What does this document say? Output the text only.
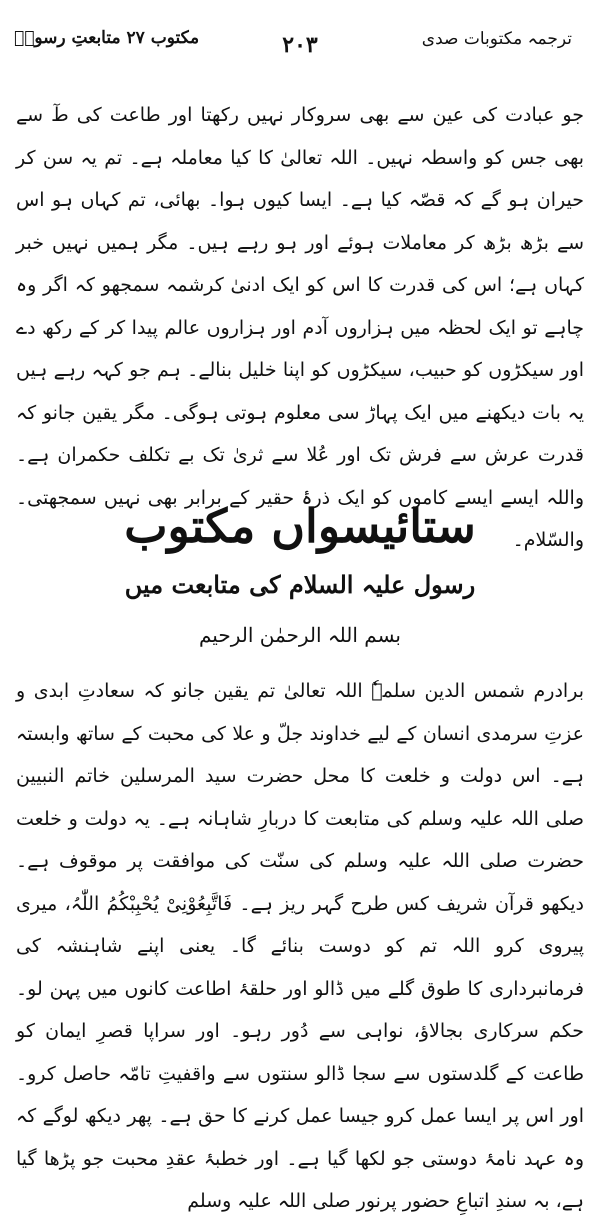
ترجمہ مکتوبات صدی
۲۰۳
مکتوب ۲۷ متابعتِ رسولؐ
جو عبادت کی عین سے بھی سروکار نہیں رکھتا اور طاعت کی طٓ سے بھی جس کو واسطہ نہیں۔ اللہ تعالیٰ کا کیا معاملہ ہے۔ تم یہ سن کر حیران ہو گے کہ قصّہ کیا ہے۔ ایسا کیوں ہوا۔ بھائی، تم کہاں ہو اس سے بڑھ بڑھ کر معاملات ہوئے اور ہو رہے ہیں۔ مگر ہمیں نہیں خبر کہاں ہے؛ اس کی قدرت کا اس کو ایک ادنیٰ کرشمہ سمجھو کہ اگر وہ چاہے تو ایک لحظہ میں ہزاروں آدم اور ہزاروں عالم پیدا کر کے رکھ دے اور سیکڑوں کو حبیب، سیکڑوں کو اپنا خلیل بنالے۔ ہم جو کہہ رہے ہیں یہ بات دیکھنے میں ایک پہاڑ سی معلوم ہوتی ہوگی۔ مگر یقین جانو کہ قدرت عرش سے فرش تک اور عُلا سے ثریٰ تک بے تکلف حکمران ہے۔ واللہ ایسے ایسے کاموں کو ایک ذرۂ حقیر کے برابر بھی نہیں سمجھتی۔ والسّلام۔
ستائیسواں مکتوب
رسول علیہ السلام کی متابعت میں
بسم اللہ الرحمٰن الرحیم
برادرم شمس الدین سلمہٗ اللہ تعالیٰ تم یقین جانو کہ سعادتِ ابدی و عزتِ سرمدی انسان کے لیے خداوند جلّ و علا کی محبت کے ساتھ وابستہ ہے۔ اس دولت و خلعت کا محل حضرت سید المرسلین خاتم النبیین صلی اللہ علیہ وسلم کی متابعت کا دربارِ شاہانہ ہے۔ یہ دولت و خلعت حضرت صلی اللہ علیہ وسلم کی سنّت کی موافقت پر موقوف ہے۔ دیکھو قرآن شریف کس طرح گہر ریز ہے۔ فَاتَّبِعُوْنِیْ یُحْبِبْکُمُ اللّٰہُ، میری پیروی کرو اللہ تم کو دوست بنائے گا۔ یعنی اپنے شاہنشہ کی فرمانبرداری کا طوق گلے میں ڈالو اور حلقۂ اطاعت کانوں میں پہن لو۔ حکم سرکاری بجالاؤ، نواہی سے دُور رہو۔ اور سراپا قصرِ ایمان کو طاعت کے گلدستوں سے سجا ڈالو سنتوں سے واقفیتِ تامّہ حاصل کرو۔ اور اس پر ایسا عمل کرو جیسا عمل کرنے کا حق ہے۔ پھر دیکھ لوگے کہ وہ عہد نامۂ دوستی جو لکھا گیا ہے۔ اور خطبۂ عقدِ محبت جو پڑھا گیا ہے، بہ سندِ اتباعِ حضور پرنور صلی اللہ علیہ وسلم
